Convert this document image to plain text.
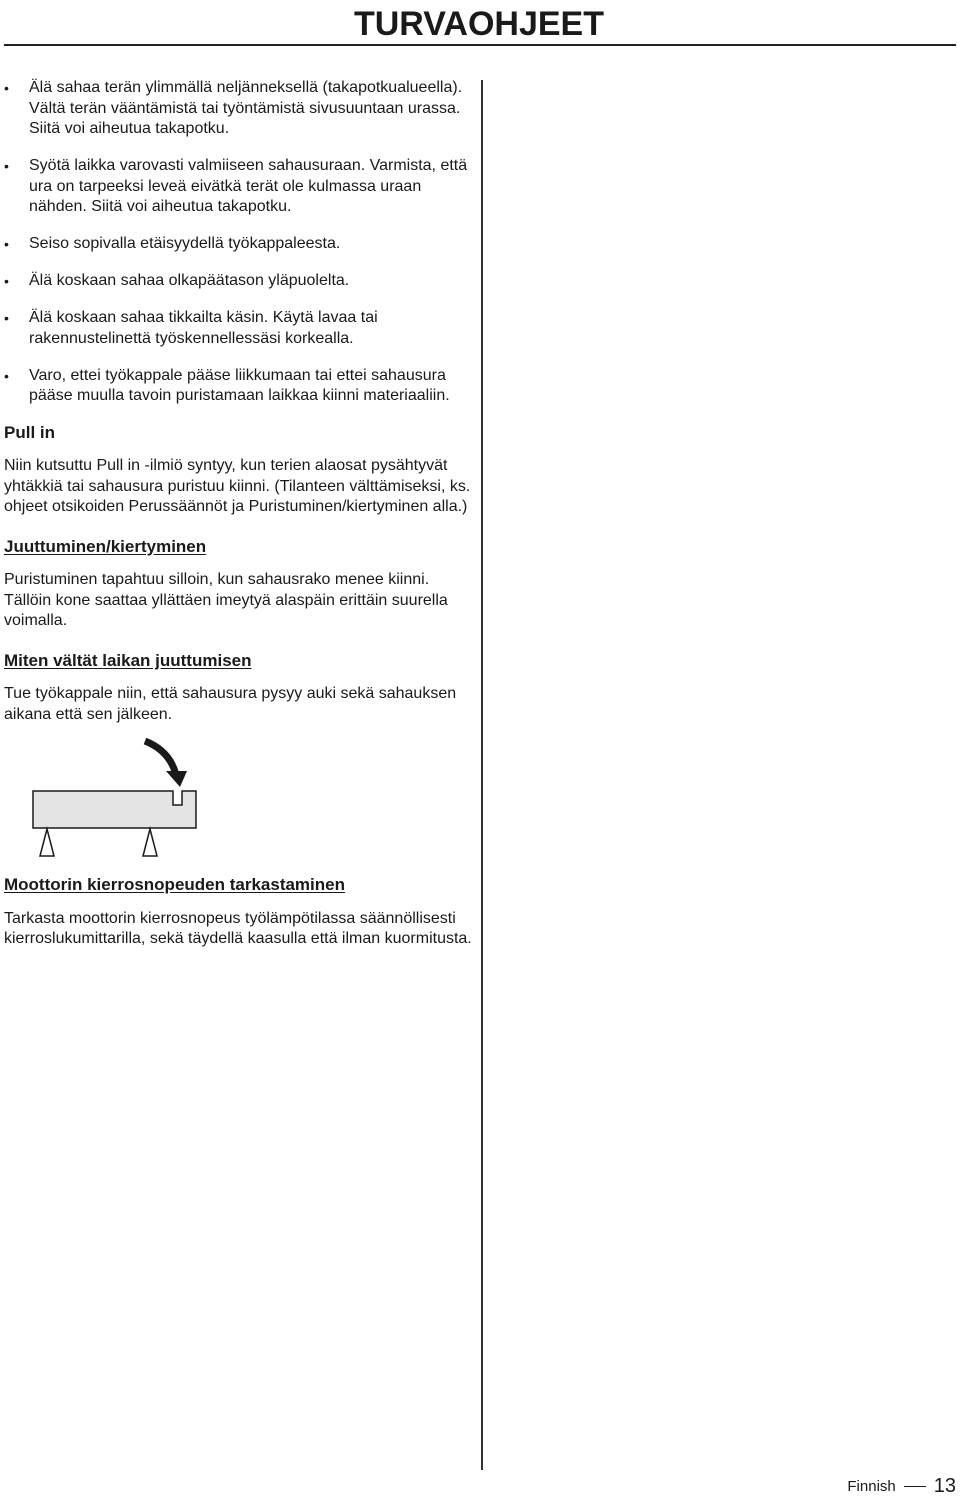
TURVAOHJEET
• Älä sahaa terän ylimmällä neljänneksellä (takapotkualueella). Vältä terän vääntämistä tai työntämistä sivusuuntaan urassa. Siitä voi aiheutua takapotku.
• Syötä laikka varovasti valmiiseen sahausuraan. Varmista, että ura on tarpeeksi leveä eivätkä terät ole kulmassa uraan nähden. Siitä voi aiheutua takapotku.
• Seiso sopivalla etäisyydellä työkappaleesta.
• Älä koskaan sahaa olkapäätason yläpuolelta.
• Älä koskaan sahaa tikkailta käsin. Käytä lavaa tai rakennustelinettä työskennellessäsi korkealla.
• Varo, ettei työkappale pääse liikkumaan tai ettei sahausura pääse muulla tavoin puristamaan laikkaa kiinni materiaaliin.
Pull in

Niin kutsuttu Pull in -ilmiö syntyy, kun terien alaosat pysähtyvät yhtäkkiä tai sahausura puristuu kiinni. (Tilanteen välttämiseksi, ks. ohjeet otsikoiden Perussäännöt ja Puristuminen/kiertyminen alla.)

Juuttuminen/kiertyminen

Puristuminen tapahtuu silloin, kun sahausrako menee kiinni. Tällöin kone saattaa yllättäen imeytyä alaspäin erittäin suurella voimalla.

Miten vältät laikan juuttumisen

Tue työkappale niin, että sahausura pysyy auki sekä sahauksen aikana että sen jälkeen.

Moottorin kierrosnopeuden tarkastaminen

Tarkasta moottorin kierrosnopeus työlämpötilassa säännöllisesti kierroslukumittarilla, sekä täydellä kaasulla että ilman kuormitusta.

Finnish 13
